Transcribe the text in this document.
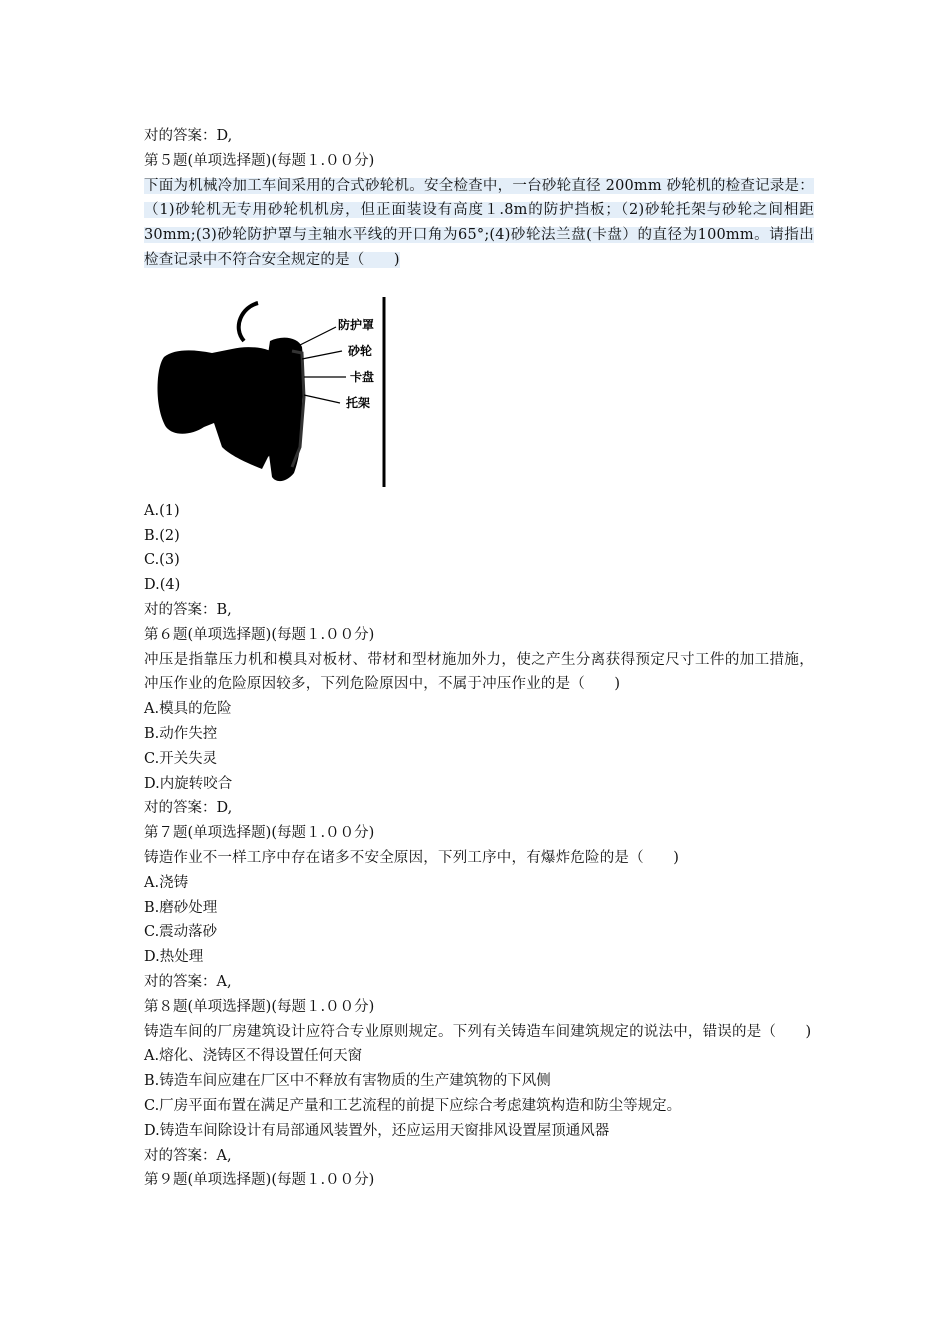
对的答案：D,

第５题(单项选择题)(每题１.００分)

下面为机械冷加工车间采用的合式砂轮机。安全检查中，一台砂轮直径 200mm 砂轮机的检查记录是：（1)砂轮机无专用砂轮机机房，但正面装设有高度１.8m的防护挡板；（2)砂轮托架与砂轮之间相距30mm;(3)砂轮防护罩与主轴水平线的开口角为65°;(4)砂轮法兰盘(卡盘）的直径为100mm。请指出检查记录中不符合安全规定的是（　　)

防护罩
砂轮
卡盘
托架

A.(1)

B.(2)

C.(3)

D.(4)

对的答案：B,

第６题(单项选择题)(每题１.００分)

冲压是指靠压力机和模具对板材、带材和型材施加外力，使之产生分离获得预定尺寸工件的加工措施，冲压作业的危险原因较多，下列危险原因中，不属于冲压作业的是（　　)

A.模具的危险

B.动作失控

C.开关失灵

D.内旋转咬合

对的答案：D,

第７题(单项选择题)(每题１.００分)

铸造作业不一样工序中存在诸多不安全原因，下列工序中，有爆炸危险的是（　　)

A.浇铸

B.磨砂处理

C.震动落砂

D.热处理

对的答案：A,

第８题(单项选择题)(每题１.００分)

铸造车间的厂房建筑设计应符合专业原则规定。下列有关铸造车间建筑规定的说法中，错误的是（　　)

A.熔化、浇铸区不得设置任何天窗

B.铸造车间应建在厂区中不释放有害物质的生产建筑物的下风侧

C.厂房平面布置在满足产量和工艺流程的前提下应综合考虑建筑构造和防尘等规定。

D.铸造车间除设计有局部通风装置外，还应运用天窗排风设置屋顶通风器

对的答案：A,

第９题(单项选择题)(每题１.００分)
